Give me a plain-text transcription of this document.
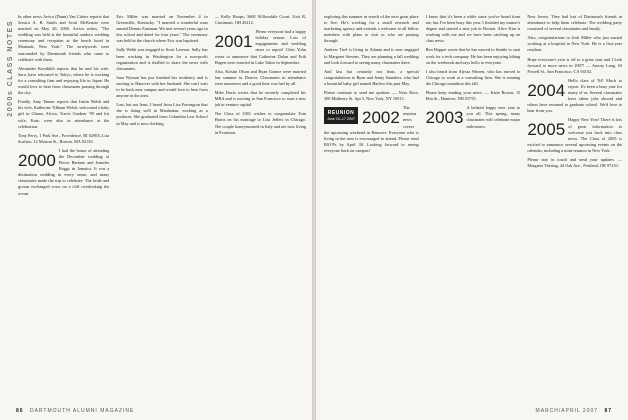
2000s CLASS NOTES

In other news Arrica (Dunn) Van Citters reports that Jessica A. B. Smith and Scott McKenzie were married on May 20, 2006. Arrica writes, "The wedding was held at the beautiful outdoor wedding ceremony and reception at the beach hotel in Montauk, New York." The newlyweds were surrounded by Dartmouth friends who came to celebrate with them.

Alexander Kornblith reports that he and his wife, Sara, have relocated to Tokyo, where he is working for a consulting firm and enjoying life in Japan. He would love to hear from classmates passing through the city.

Finally, Amy Tanner reports that Justin Welsh and his wife, Katherine Tillman Welsh, welcomed a baby girl in Ghana, Africa. Travis Gardner '99 and his wife, Kate, were also in attendance at the celebration.

Tony Perry, 1 Park Ave., Providence, RI 02903; Lisa Scafuro, 12 Morton St., Boston, MA 02130.

2000

I had the honor of attending the December wedding of Pierce Bertone and Jennifer Boggs in Jamaica. It was a destination wedding in every sense, and many classmates made the trip to celebrate. The bride and groom exchanged vows on a cliff overlooking the ocean.

Eric Miller was married on November 4 in Greenville, Kentucky. "I married a wonderful man named Dennis Eastman. We met several years ago in law school and dated for four years." The ceremony was held at the church where Eric was baptized.

Sally Webb was engaged to Scott Lawson. Sally has been working in Washington for a non-profit organization and is thrilled to share the news with classmates.

Sara Wyman has just finished her residency and is moving to Hanover with her husband. She can't wait to be back near campus and would love to hear from anyone in the area.

Last, but not least, I heard from Lisa Farrington that she is doing well in Manhattan, working as a producer. She graduated from Columbia Law School in May and is now clerking.

— Kelly Hoops, 3668 Willowdale Court, Unit B, Cincinnati, OH 45212.

2001

Please everyone had a happy holiday season. Lots of engagements and wedding news to report! Chris Yohn wrote to announce that Catherine Dolan and Erik Hagen were married in Lake Tahoe in September.

Also, Kristin Olson and Ryan Gomez were married last summer in Denver. Classmates in attendance were numerous and a good time was had by all.

Mike Davis writes that he recently completed his MBA and is moving to San Francisco to start a new job in venture capital.

The Class of 2001 wishes to congratulate Tom Harris on his marriage to Lisa Jeffers in Chicago. The couple honeymooned in Italy and are now living in Evanston.

86 DARTMOUTH ALUMNI MAGAZINE

exploring this summer in search of the next great place to live. He's working for a small research and marketing agency and extends a welcome to all fellow members with plans to visit or who are passing through.

Andrew Tirel is living in Atlanta and is now engaged to Margaret Stevens. They are planning a fall wedding and look forward to seeing many classmates there.

And last but certainly not least, a special congratulations to Ryan and Jenny Saunders, who had a beautiful baby girl named Harlow this past May.

Please continue to send me updates. — Nora Ross, 308 Mulberry St. Apt 5, New York, NY 10013.

REUNION
June 15–17 2007 2002

The reunion news covers the upcoming weekend in Hanover. Everyone who is living in the area is encouraged to attend. Please send RSVPs by April 30. Looking forward to seeing everyone back on campus!

I know that it's been a while since you've heard from me, but I've been busy this year. I finished my master's degree and started a new job in Boston. Alice Kim is working with me and we have been catching up on class news.

Ben Hopper wrote that he has moved to Seattle to start work for a tech company. He has been enjoying hiking on the weekends and says hello to everyone.

I also heard from Alyssa Warren, who has moved to Chicago to work at a consulting firm. She is running the Chicago marathon this fall.

Please keep sending your news. — Katie Brown, 15 Elm St., Hanover, NH 03755.

2003

A belated happy new year to you all. This spring, many classmates will celebrate major milestones.

New Jersey. They had lots of Dartmouth friends in attendance to help them celebrate. The wedding party consisted of several classmates and family.

Also, congratulations to Josh Miller who just started working at a hospital in New York. He is a first-year resident.

Hope everyone's year is off to a great start and I look forward to more news in 2007! — Amory Lang, 63 Powell St., San Francisco, CA 94102.

2004

Hello class of '04! Much to report. It's been a busy year for many of us. Several classmates have taken jobs abroad and others have returned to graduate school. We'd love to hear from you.

2005

Happy New Year! There is lots of great information to welcome you back into class news. The Class of 2005 is excited to announce several upcoming events on the calendar, including a mini-reunion in New York.

Please stay in touch and send your updates. — Margaret Thering, 44 Oak Ave., Portland, OR 97210.

MARCH/APRIL 2007 87
